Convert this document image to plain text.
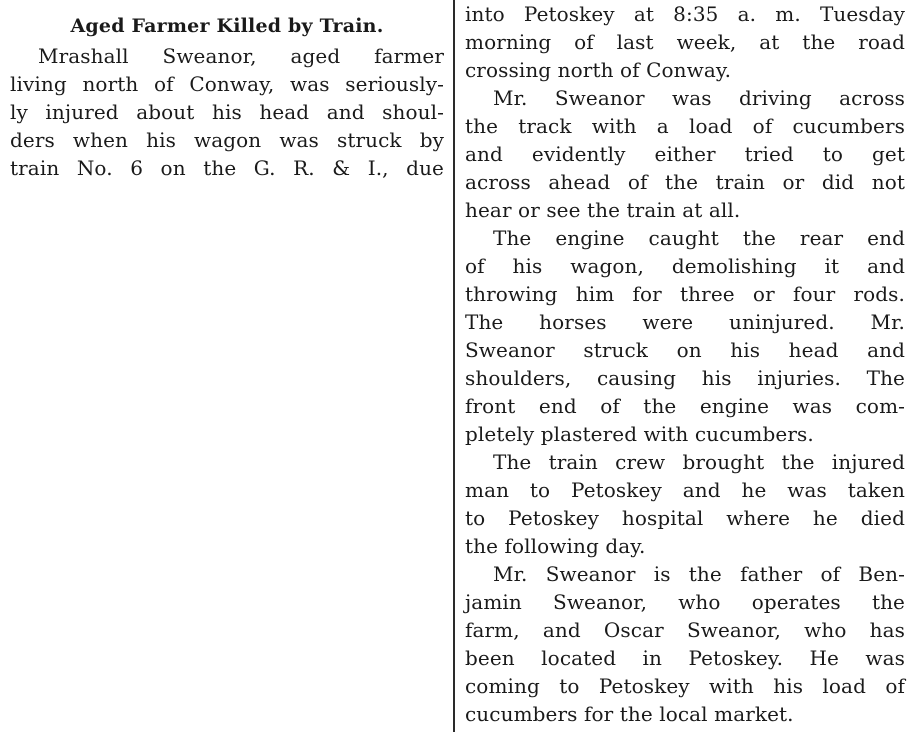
Aged Farmer Killed by Train.
Mrashall Sweanor, aged farmer
living north of Conway, was seriously-
ly injured about his head and shoul-
ders when his wagon was struck by
train No. 6 on the G. R. & I., due
into Petoskey at 8:35 a. m. Tuesday
morning of last week, at the road
crossing north of Conway.
Mr. Sweanor was driving across
the track with a load of cucumbers
and evidently either tried to get
across ahead of the train or did not
hear or see the train at all.
The engine caught the rear end
of his wagon, demolishing it and
throwing him for three or four rods.
The horses were uninjured. Mr.
Sweanor struck on his head and
shoulders, causing his injuries. The
front end of the engine was com-
pletely plastered with cucumbers.
The train crew brought the injured
man to Petoskey and he was taken
to Petoskey hospital where he died
the following day.
Mr. Sweanor is the father of Ben-
jamin Sweanor, who operates the
farm, and Oscar Sweanor, who has
been located in Petoskey. He was
coming to Petoskey with his load of
cucumbers for the local market.
